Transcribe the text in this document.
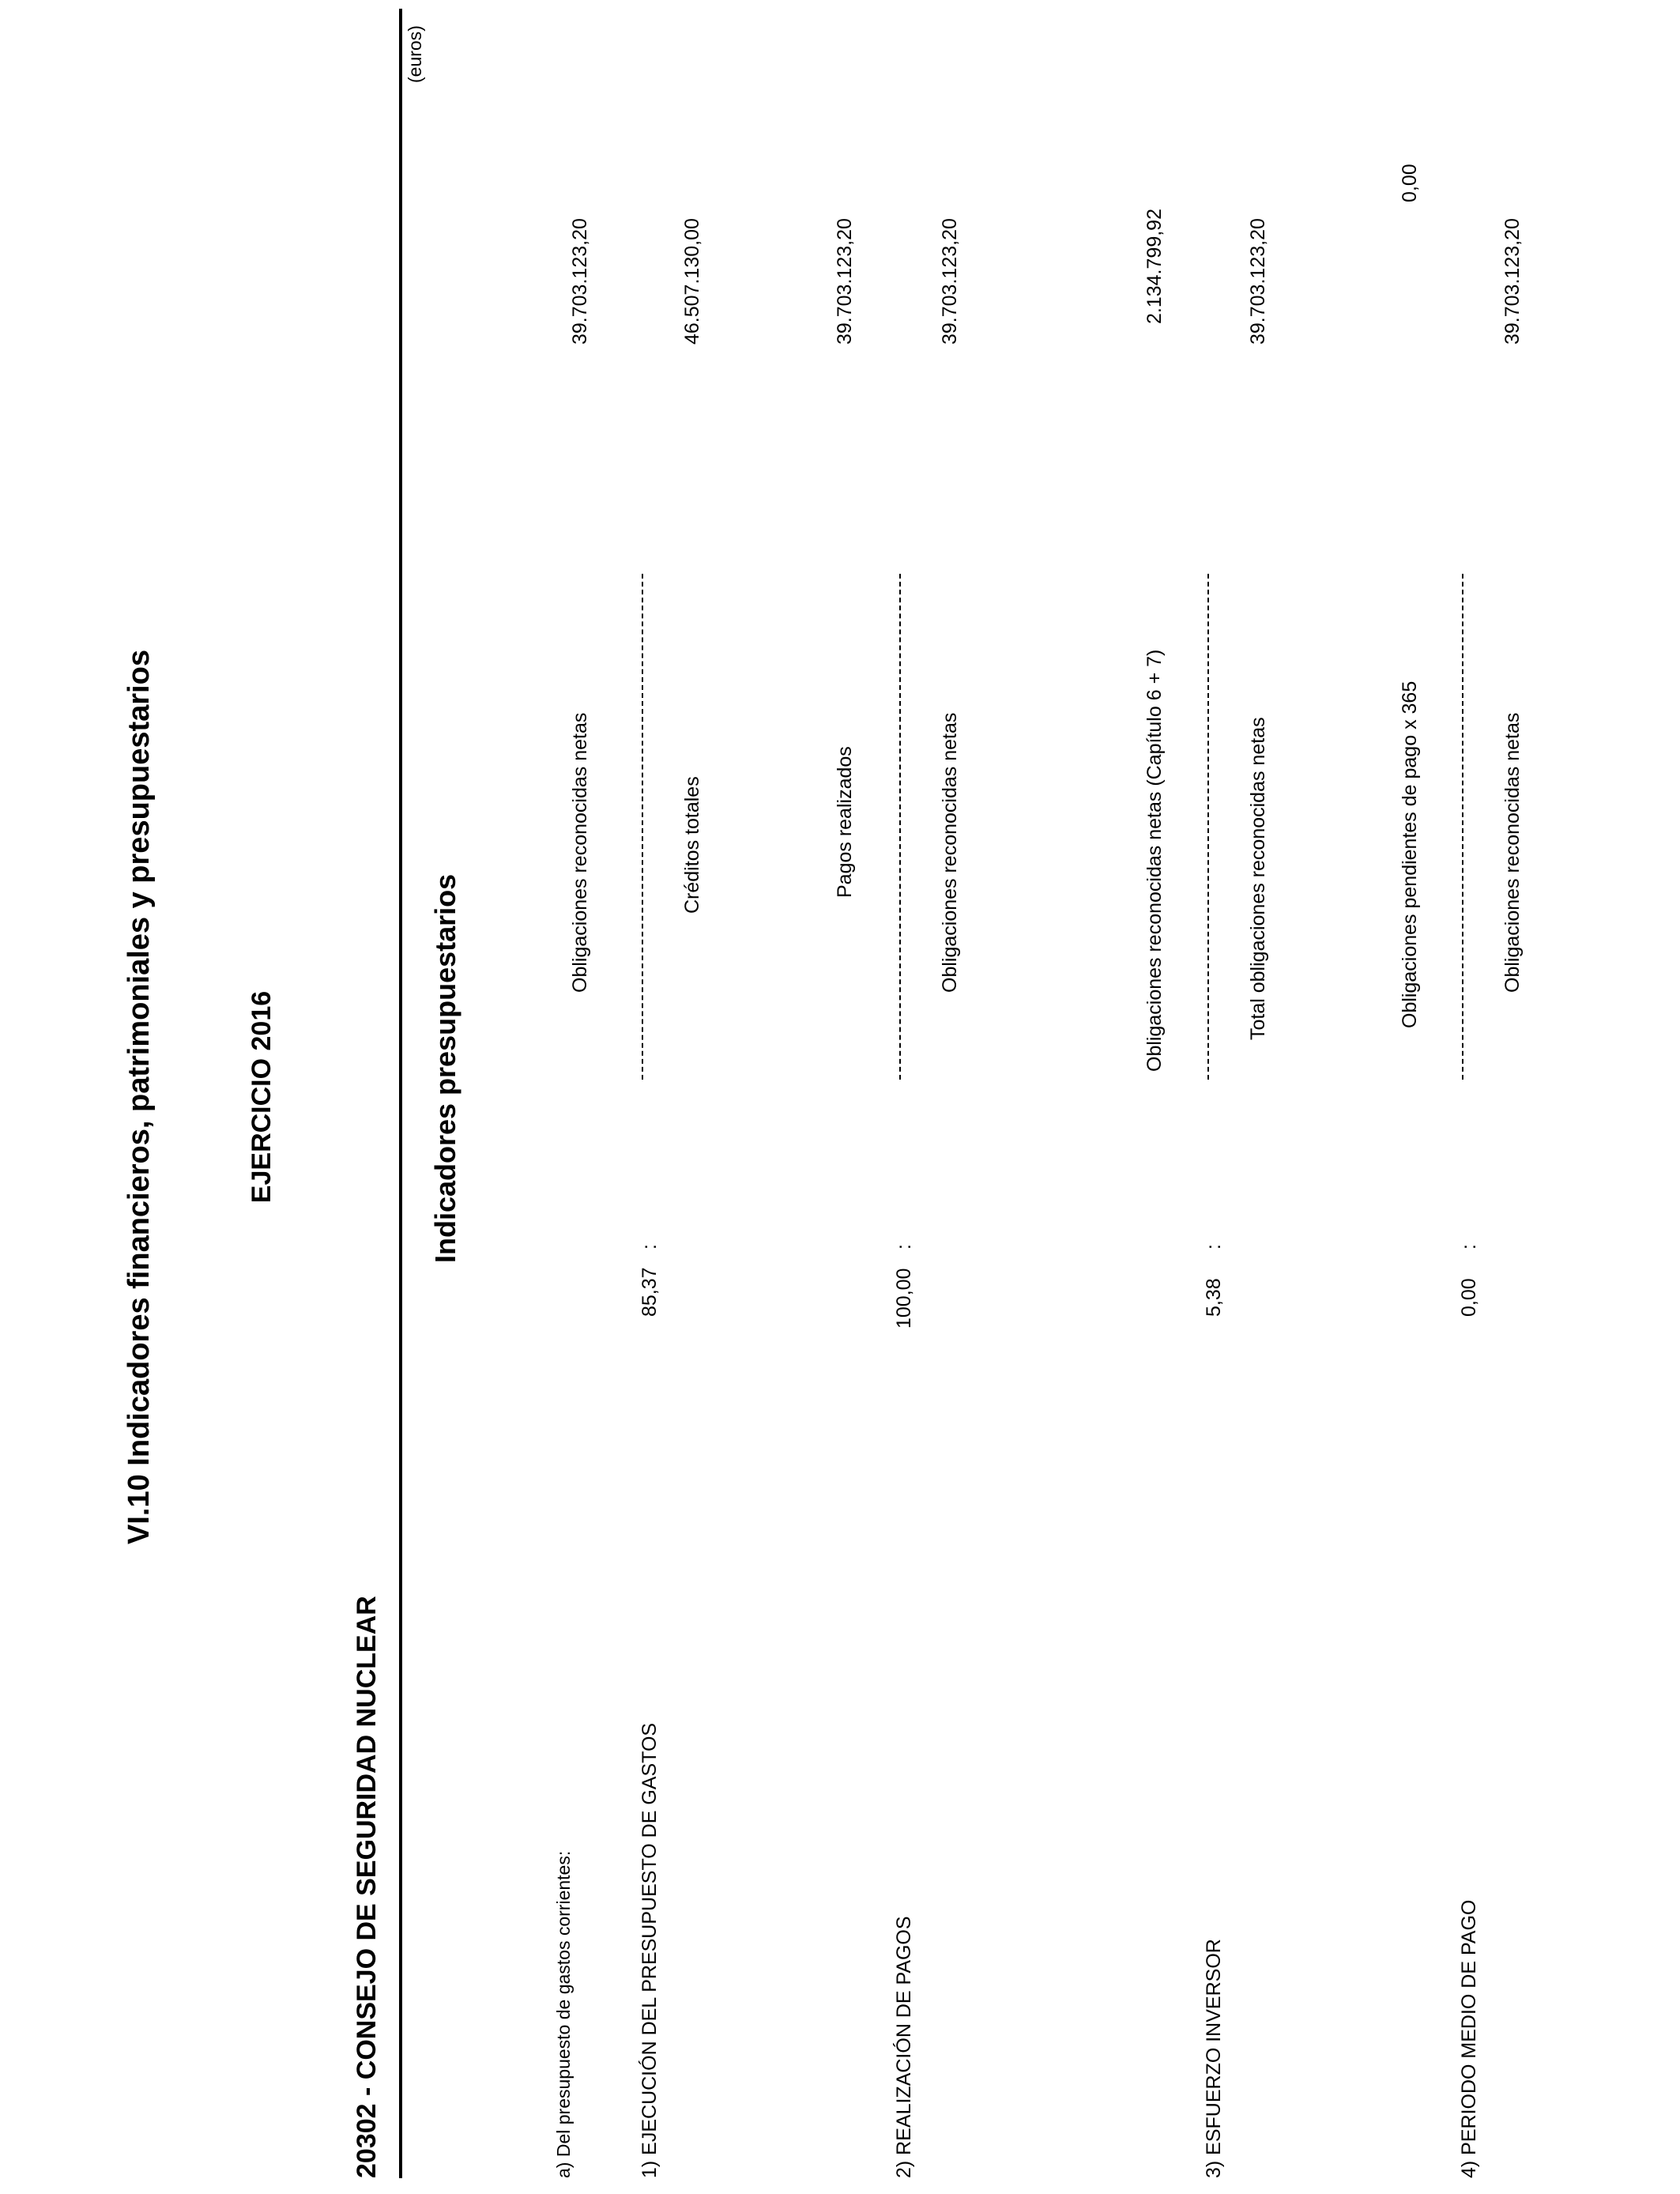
VI.10 Indicadores financieros, patrimoniales y presupuestarios	EJERCICIO 2016
20302 - CONSEJO DE SEGURIDAD NUCLEAR
(euros)
Indicadores presupuestarios
a) Del presupuesto de gastos corrientes:	1) EJECUCIÓN DEL PRESUPUESTO DE GASTOS
85,37
:
Obligaciones reconocidas netas
39.703.123,20
Créditos totales
46.507.130,00
2) REALIZACIÓN DE PAGOS
100,00
:
Pagos realizados
39.703.123,20
Obligaciones reconocidas netas
39.703.123,20
3) ESFUERZO INVERSOR
5,38
:
Obligaciones reconocidas netas (Capítulo 6 + 7)
2.134.799,92
Total obligaciones reconocidas netas
39.703.123,20
4) PERIODO MEDIO DE PAGO
0,00
:
Obligaciones pendientes de pago x 365
0,00
Obligaciones reconocidas netas
39.703.123,20
